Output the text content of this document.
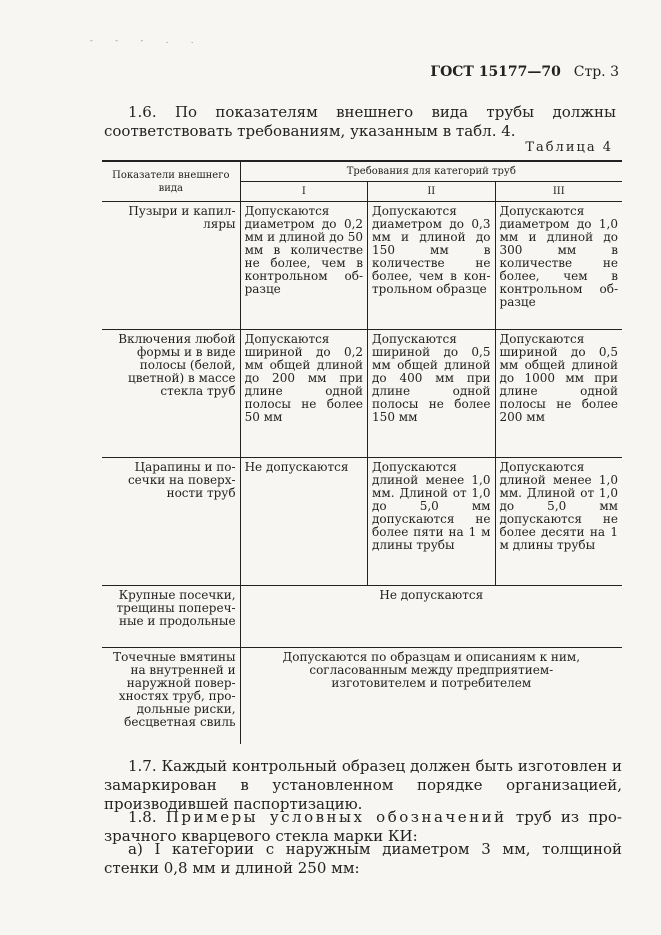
- - - . .
ГОСТ 15177—70 Стр. 3
1.6. По показателям внешнего вида трубы должны соответствовать требованиям, указанным в табл. 4.
Таблица 4
Показатели внешнего вида	Требования для категорий труб		
	I	II	III
Пузыри и капилляры	Допускаются диаметром до 0,2 мм и длиной до 50 мм в количестве не более, чем в контрольном образце	Допускаются диаметром до 0,3 мм и длиной до 150 мм в количестве не более, чем в контрольном образце	Допускаются диаметром до 1,0 мм и длиной до 300 мм в количестве не более, чем в контрольном образце
Включения любой формы и в виде полосы (белой, цветной) в массе стекла труб	Допускаются шириной до 0,2 мм общей длиной до 200 мм при длине одной полосы не более 50 мм	Допускаются шириной до 0,5 мм общей длиной до 400 мм при длине одной полосы не более 150 мм	Допускаются шириной до 0,5 мм общей длиной до 1000 мм при длине одной полосы не более 200 мм
Царапины и посечки на поверхности труб	Не допускаются	Допускаются длиной менее 1,0 мм. Длиной от 1,0 до 5,0 мм допускаются не более пяти на 1 м длины трубы	Допускаются длиной менее 1,0 мм. Длиной от 1,0 до 5,0 мм допускаются не более десяти на 1 м длины трубы
Крупные посечки, трещины поперечные и продольные	Не допускаются		
Точечные вмятины на внутренней и наружной поверхностях труб, продольные риски, бесцветная свиль	Допускаются по образцам и описаниям к ним, согласованным между предприятием-изготовителем и потребителем		
1.7. Каждый контрольный образец должен быть изготовлен и замаркирован в установленном порядке организацией, производившей паспортизацию.
1.8. Примеры условных обозначений труб из прозрачного кварцевого стекла марки КИ:
а) I категории с наружным диаметром 3 мм, толщиной стенки 0,8 мм и длиной 250 мм:
